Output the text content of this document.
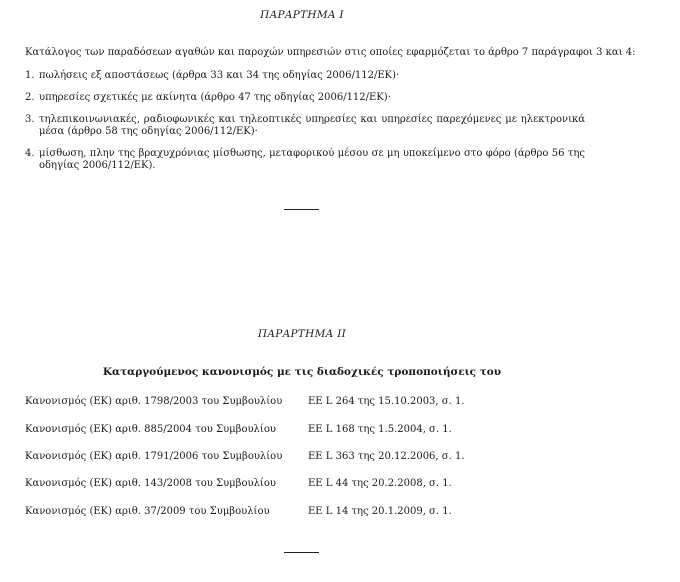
ΠΑΡΑΡΤΗΜΑ I
Κατάλογος των παραδόσεων αγαθών και παροχών υπηρεσιών στις οποίες εφαρμόζεται το άρθρο 7 παράγραφοι 3 και 4:
1. πωλήσεις εξ αποστάσεως (άρθρα 33 και 34 της οδηγίας 2006/112/ΕΚ)·
2. υπηρεσίες σχετικές με ακίνητα (άρθρο 47 της οδηγίας 2006/112/ΕΚ)·
3. τηλεπικοινωνιακές, ραδιοφωνικές και τηλεοπτικές υπηρεσίες και υπηρεσίες παρεχόμενες με ηλεκτρονικά μέσα (άρθρο 58 της οδηγίας 2006/112/ΕΚ)·
4. μίσθωση, πλην της βραχυχρόνιας μίσθωσης, μεταφορικού μέσου σε μη υποκείμενο στο φόρο (άρθρο 56 της οδηγίας 2006/112/ΕΚ).
ΠΑΡΑΡΤΗΜΑ II
Καταργούμενος κανονισμός με τις διαδοχικές τροποποιήσεις του
Κανονισμός (ΕΚ) αριθ. 1798/2003 του Συμβουλίου	ΕΕ L 264 της 15.10.2003, σ. 1.
Κανονισμός (ΕΚ) αριθ. 885/2004 του Συμβουλίου	ΕΕ L 168 της 1.5.2004, σ. 1.
Κανονισμός (ΕΚ) αριθ. 1791/2006 του Συμβουλίου	ΕΕ L 363 της 20.12.2006, σ. 1.
Κανονισμός (ΕΚ) αριθ. 143/2008 του Συμβουλίου	ΕΕ L 44 της 20.2.2008, σ. 1.
Κανονισμός (ΕΚ) αριθ. 37/2009 του Συμβουλίου	ΕΕ L 14 της 20.1.2009, σ. 1.
